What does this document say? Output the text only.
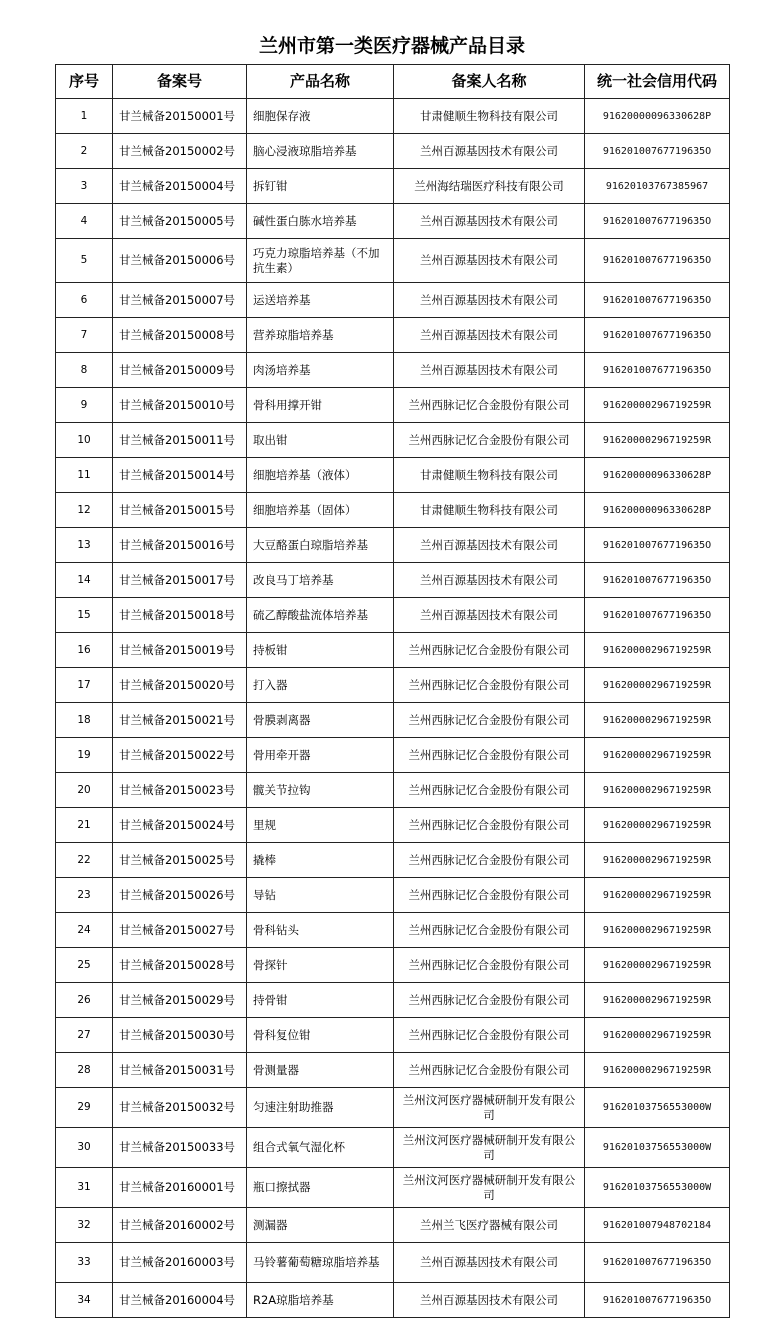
兰州市第一类医疗器械产品目录
序号	备案号	产品名称	备案人名称	统一社会信用代码
1	甘兰械备20150001号	细胞保存液	甘肃健顺生物科技有限公司	91620000096330628P
2	甘兰械备20150002号	脑心浸液琼脂培养基	兰州百源基因技术有限公司	91620100767719635O
3	甘兰械备20150004号	拆钉钳	兰州海结瑞医疗科技有限公司	91620103767385967
4	甘兰械备20150005号	碱性蛋白胨水培养基	兰州百源基因技术有限公司	91620100767719635O
5	甘兰械备20150006号	巧克力琼脂培养基（不加抗生素）	兰州百源基因技术有限公司	91620100767719635O
6	甘兰械备20150007号	运送培养基	兰州百源基因技术有限公司	91620100767719635O
7	甘兰械备20150008号	营养琼脂培养基	兰州百源基因技术有限公司	91620100767719635O
8	甘兰械备20150009号	肉汤培养基	兰州百源基因技术有限公司	91620100767719635O
9	甘兰械备20150010号	骨科用撑开钳	兰州西脉记忆合金股份有限公司	91620000296719259R
10	甘兰械备20150011号	取出钳	兰州西脉记忆合金股份有限公司	91620000296719259R
11	甘兰械备20150014号	细胞培养基（液体）	甘肃健顺生物科技有限公司	91620000096330628P
12	甘兰械备20150015号	细胞培养基（固体）	甘肃健顺生物科技有限公司	91620000096330628P
13	甘兰械备20150016号	大豆酪蛋白琼脂培养基	兰州百源基因技术有限公司	91620100767719635O
14	甘兰械备20150017号	改良马丁培养基	兰州百源基因技术有限公司	91620100767719635O
15	甘兰械备20150018号	硫乙醇酸盐流体培养基	兰州百源基因技术有限公司	91620100767719635O
16	甘兰械备20150019号	持板钳	兰州西脉记忆合金股份有限公司	91620000296719259R
17	甘兰械备20150020号	打入器	兰州西脉记忆合金股份有限公司	91620000296719259R
18	甘兰械备20150021号	骨膜剥离器	兰州西脉记忆合金股份有限公司	91620000296719259R
19	甘兰械备20150022号	骨用牵开器	兰州西脉记忆合金股份有限公司	91620000296719259R
20	甘兰械备20150023号	髋关节拉钩	兰州西脉记忆合金股份有限公司	91620000296719259R
21	甘兰械备20150024号	里规	兰州西脉记忆合金股份有限公司	91620000296719259R
22	甘兰械备20150025号	撬棒	兰州西脉记忆合金股份有限公司	91620000296719259R
23	甘兰械备20150026号	导钻	兰州西脉记忆合金股份有限公司	91620000296719259R
24	甘兰械备20150027号	骨科钻头	兰州西脉记忆合金股份有限公司	91620000296719259R
25	甘兰械备20150028号	骨探针	兰州西脉记忆合金股份有限公司	91620000296719259R
26	甘兰械备20150029号	持骨钳	兰州西脉记忆合金股份有限公司	91620000296719259R
27	甘兰械备20150030号	骨科复位钳	兰州西脉记忆合金股份有限公司	91620000296719259R
28	甘兰械备20150031号	骨测量器	兰州西脉记忆合金股份有限公司	91620000296719259R
29	甘兰械备20150032号	匀速注射助推器	兰州汶河医疗器械研制开发有限公司	91620103756553000W
30	甘兰械备20150033号	组合式氧气湿化杯	兰州汶河医疗器械研制开发有限公司	91620103756553000W
31	甘兰械备20160001号	瓶口擦拭器	兰州汶河医疗器械研制开发有限公司	91620103756553000W
32	甘兰械备20160002号	测漏器	兰州兰飞医疗器械有限公司	91620100794870218​4
33	甘兰械备20160003号	马铃薯葡萄糖琼脂培养基	兰州百源基因技术有限公司	91620100767719635O
34	甘兰械备20160004号	R2A琼脂培养基	兰州百源基因技术有限公司	91620100767719635O
